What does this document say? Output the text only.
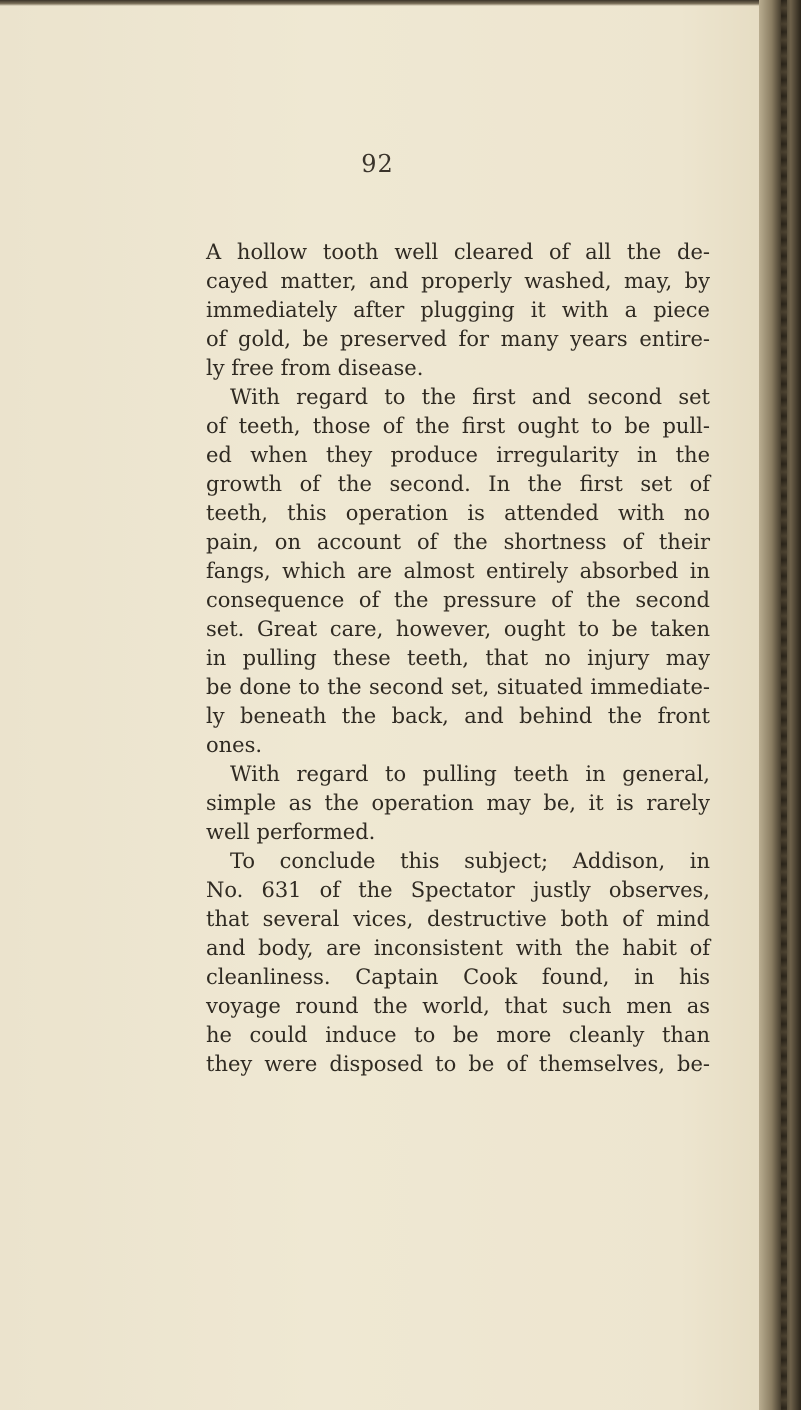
92
A hollow tooth well cleared of all the de-
cayed matter, and properly washed, may, by
immediately after plugging it with a piece
of gold, be preserved for many years entire-
ly free from disease.
With regard to the first and second set
of teeth, those of the first ought to be pull-
ed when they produce irregularity in the
growth of the second. In the first set of
teeth, this operation is attended with no
pain, on account of the shortness of their
fangs, which are almost entirely absorbed in
consequence of the pressure of the second
set. Great care, however, ought to be taken
in pulling these teeth, that no injury may
be done to the second set, situated immediate-
ly beneath the back, and behind the front
ones.
With regard to pulling teeth in general,
simple as the operation may be, it is rarely
well performed.
To conclude this subject; Addison, in
No. 631 of the Spectator justly observes,
that several vices, destructive both of mind
and body, are inconsistent with the habit of
cleanliness. Captain Cook found, in his
voyage round the world, that such men as
he could induce to be more cleanly than
they were disposed to be of themselves, be-
